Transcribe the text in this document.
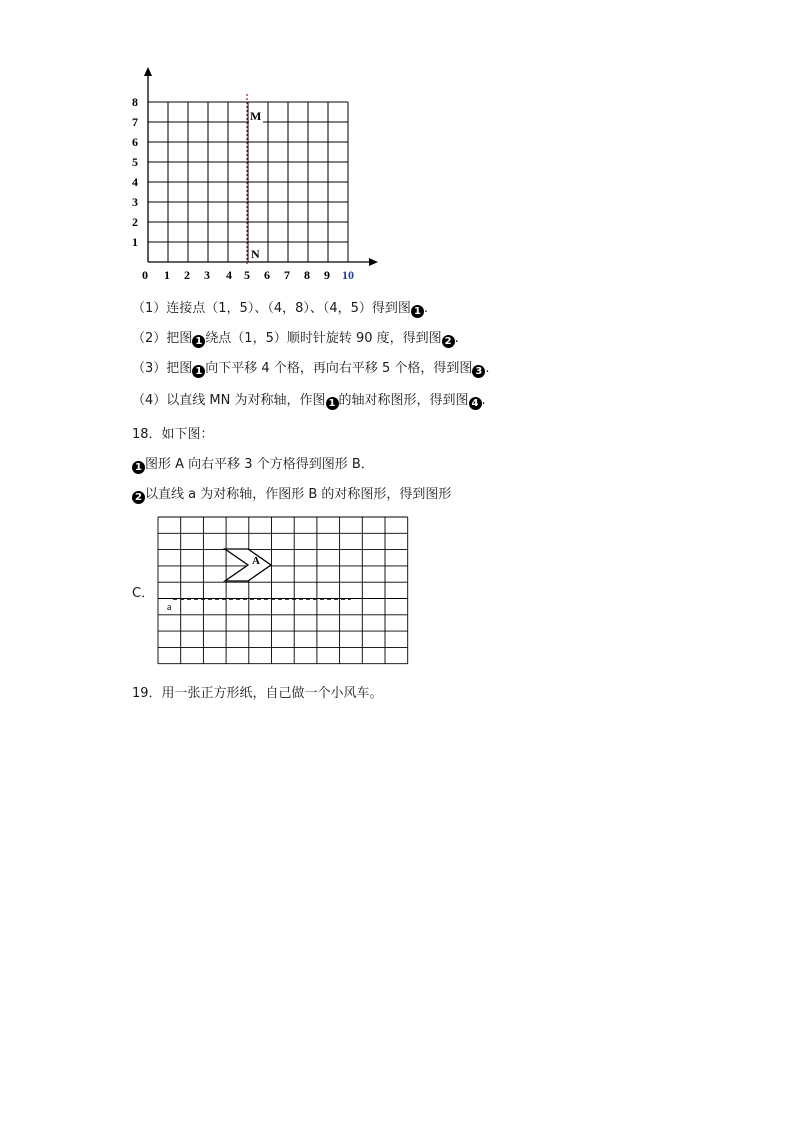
0 1 2 3 4 5 6 7 8 9 10
1
2
3
4
5
6
7
8
M
N
（1）连接点（1，5）、（4，8）、（4，5）得到图 1 .
（2）把图 1 绕点（1，5）顺时针旋转 90 度，得到图 2 .
（3）把图 1 向下平移 4 个格，再向右平移 5 个格，得到图 3 .
（4）以直线 MN 为对称轴，作图 1 的轴对称图形，得到图 4 .
18．如下图：
1 图形 A 向右平移 3 个方格得到图形 B．
2 以直线 a 为对称轴，作图形 B 的对称图形，得到图形
C．
A
a
19．用一张正方形纸，自己做一个小风车。
